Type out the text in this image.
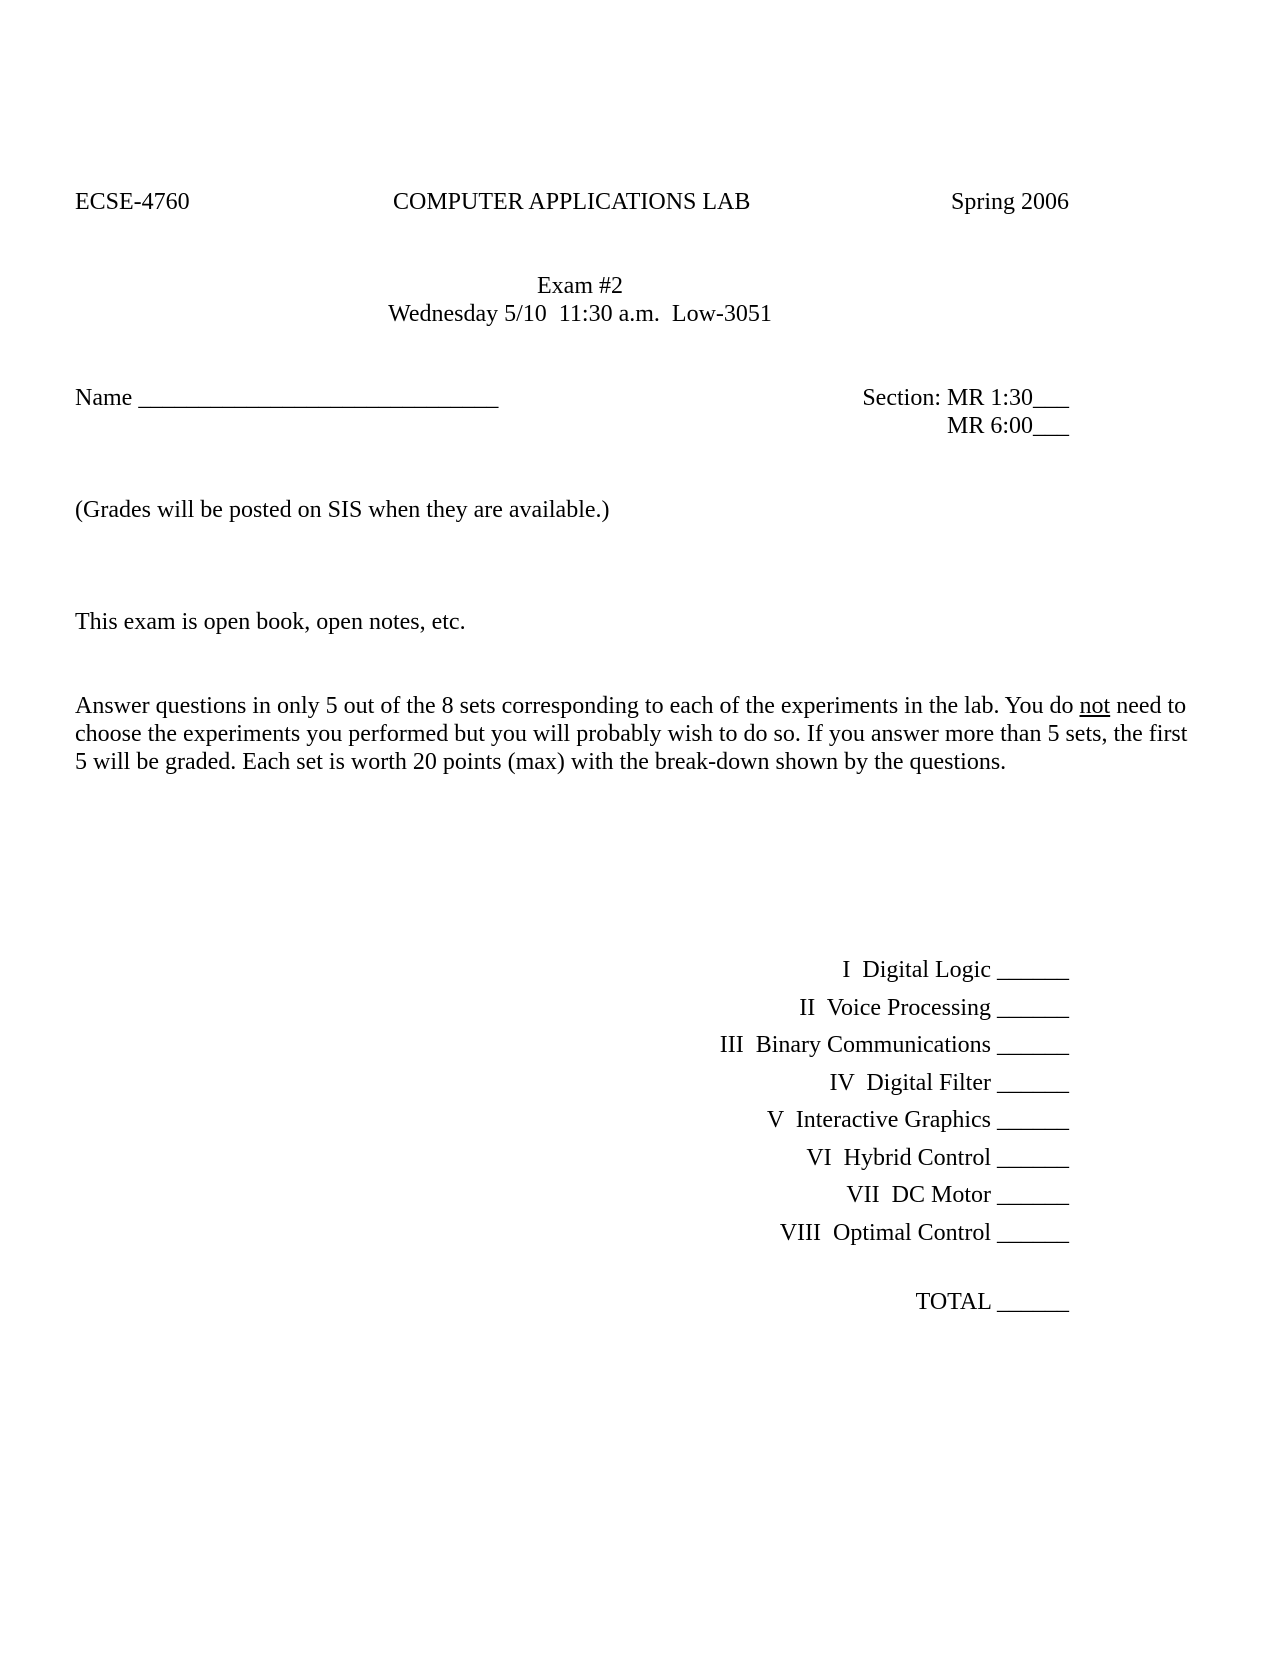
ECSE-4760	COMPUTER APPLICATIONS LAB	Spring 2006
Exam #2
Wednesday 5/10  11:30 a.m.  Low-3051
Name ______________________________	Section: MR 1:30___
MR 6:00___
(Grades will be posted on SIS when they are available.)
This exam is open book, open notes, etc.
Answer questions in only 5 out of the 8 sets corresponding to each of the experiments in the lab. You do not need to choose the experiments you performed but you will probably wish to do so. If you answer more than 5 sets, the first 5 will be graded. Each set is worth 20 points (max) with the break-down shown by the questions.
I Digital Logic ______
II Voice Processing ______
III Binary Communications ______
IV Digital Filter ______
V Interactive Graphics ______
VI Hybrid Control ______
VII DC Motor ______
VIII Optimal Control ______
TOTAL ______
